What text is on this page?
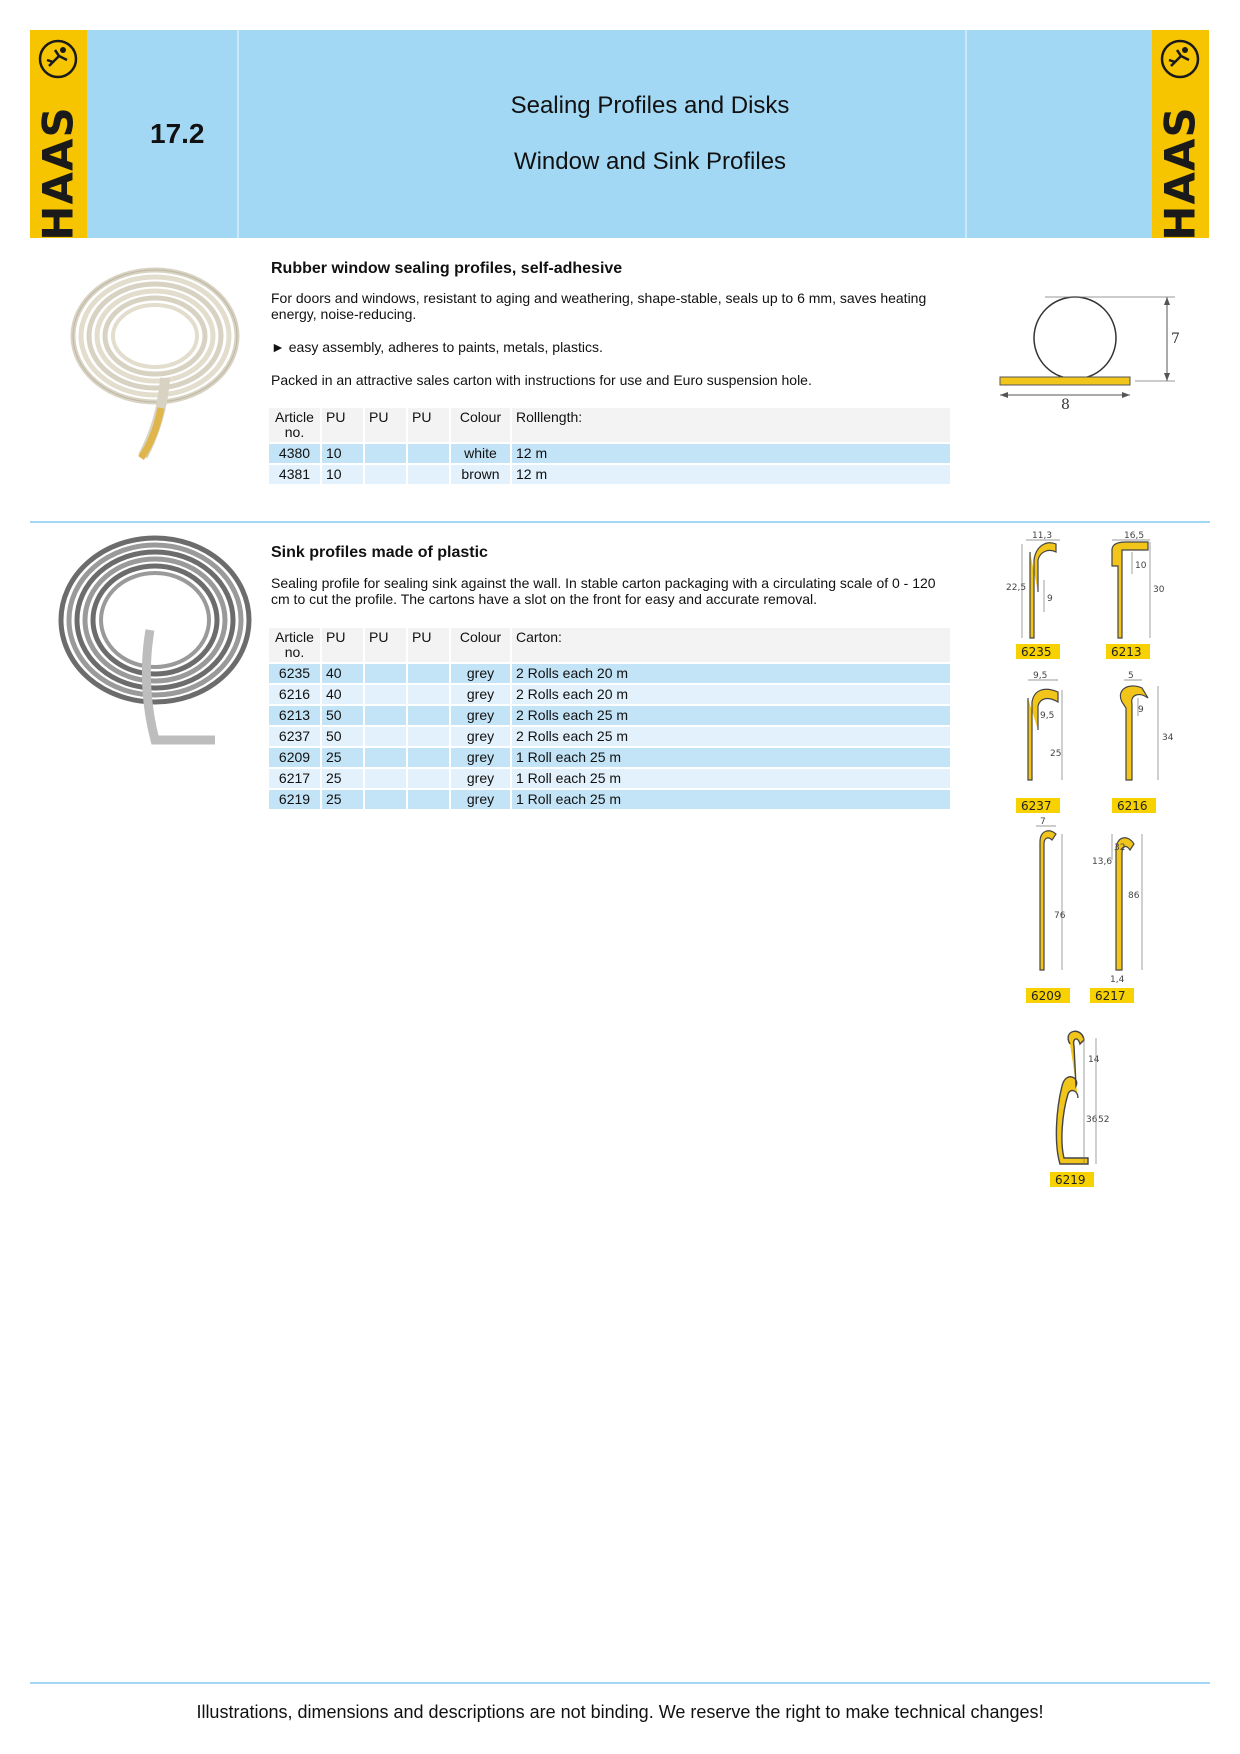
HAAS 17.2
Sealing Profiles and Disks
Window and Sink Profiles	HAAS
Rubber window sealing profiles, self-adhesive
For doors and windows, resistant to aging and weathering, shape-stable, seals up to 6 mm, saves heating energy, noise-reducing.
► easy assembly, adheres to paints, metals, plastics.
Packed in an attractive sales carton with instructions for use and Euro suspension hole.
Article no.	PU	PU	PU	Colour	Rolllength:
4380	10			white	12 m
4381	10			brown	12 m
7
8
Sink profiles made of plastic
Sealing profile for sealing sink against the wall. In stable carton packaging with a circulating scale of 0 - 120 cm to cut the profile. The cartons have a slot on the front for easy and accurate removal.
Article no.	PU	PU	PU	Colour	Carton:
6235	40			grey	2 Rolls each 20 m
6216	40			grey	2 Rolls each 20 m
6213	50			grey	2 Rolls each 25 m
6237	50			grey	2 Rolls each 25 m
6209	25			grey	1 Roll each 25 m
6217	25			grey	1 Roll each 25 m
6219	25			grey	1 Roll each 25 m
11,3
22,5
9
6235
16,5
10
30
6213
9,5
9,5
25
6237
5
9
34
6216
7
76
6209
32
13,6
86
1,4
6217
14
36 52
6219
Illustrations, dimensions and descriptions are not binding. We reserve the right to make technical changes!
